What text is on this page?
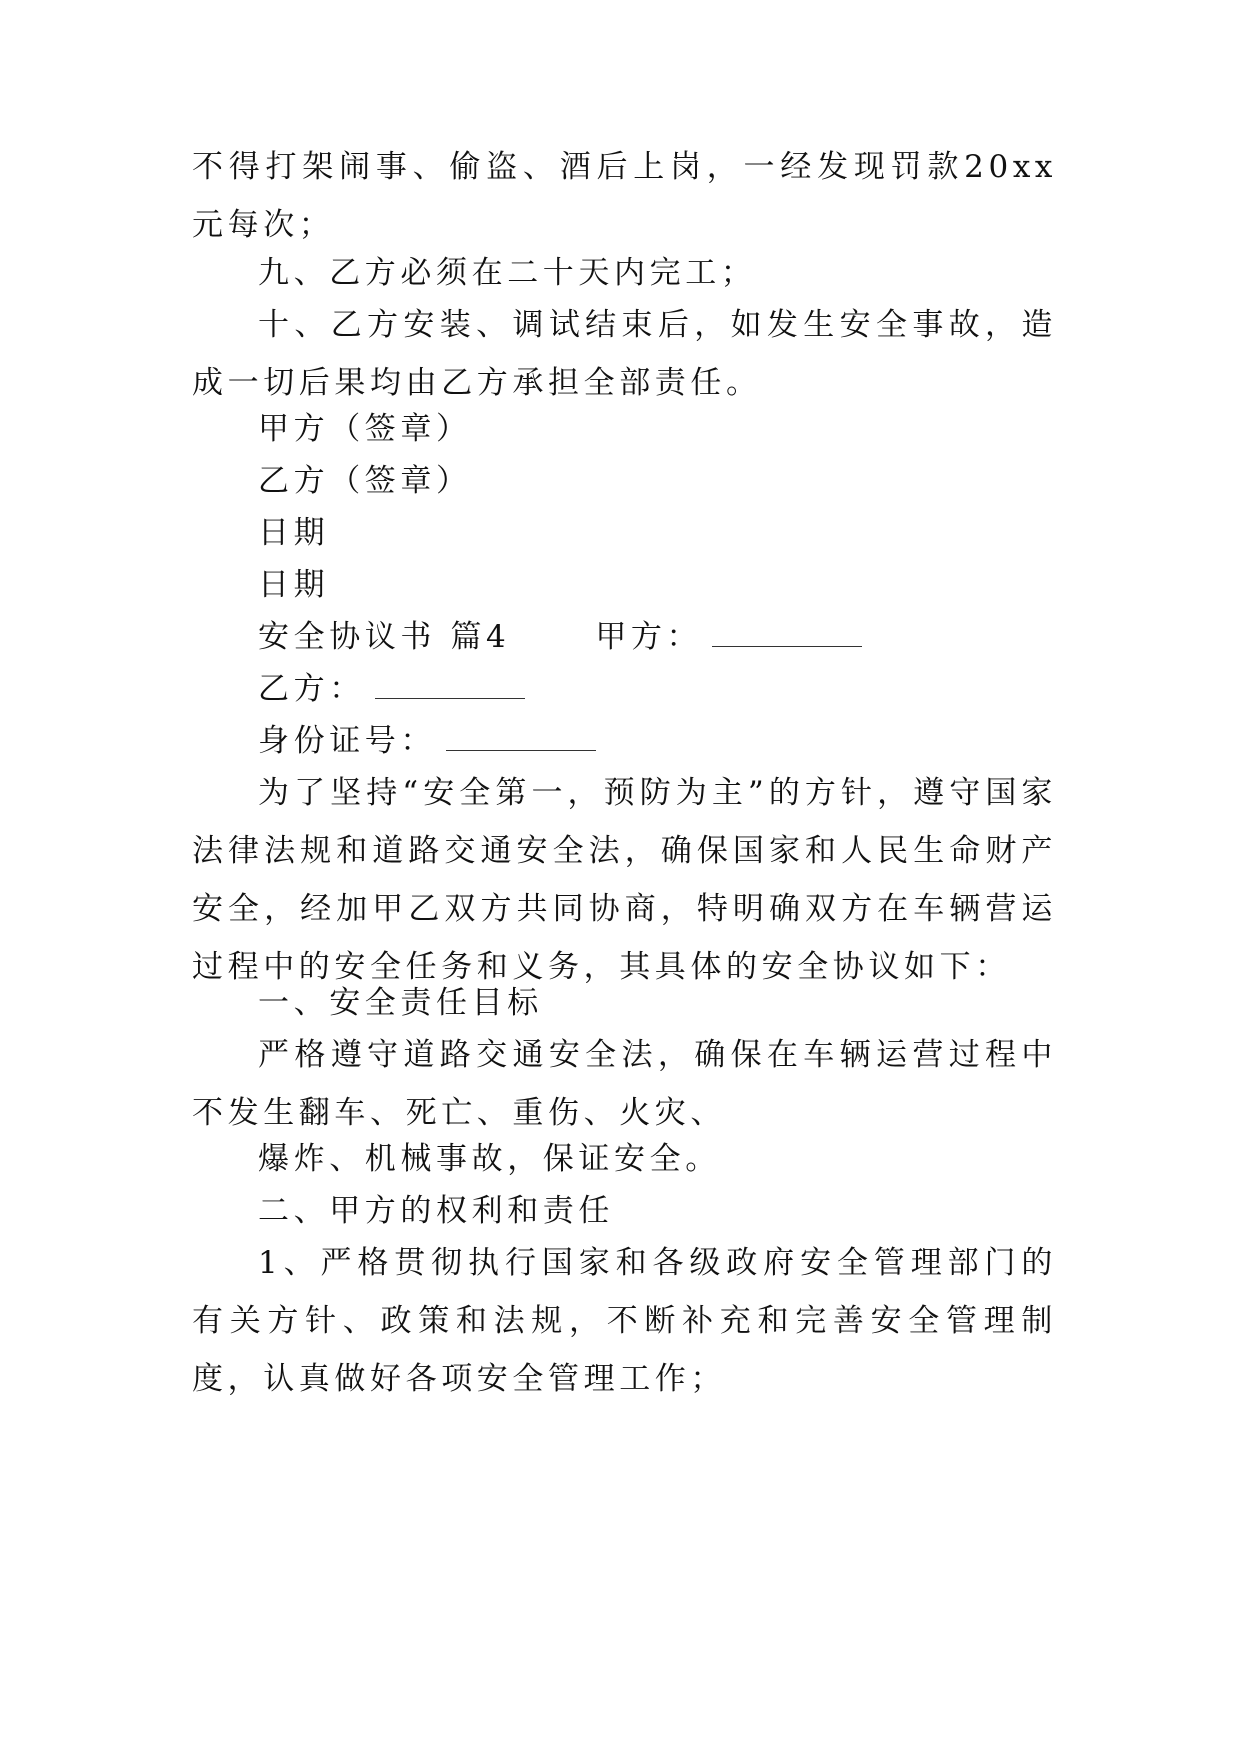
不得打架闹事、偷盗、酒后上岗，一经发现罚款20xx元每次；

九、乙方必须在二十天内完工；

十、乙方安装、调试结束后，如发生安全事故，造成一切后果均由乙方承担全部责任。

甲方（签章）

乙方（签章）

日期

日期

安全协议书 篇4	甲方：
乙方：
身份证号：

为了坚持“安全第一，预防为主”的方针，遵守国家法律法规和道路交通安全法，确保国家和人民生命财产安全，经加甲乙双方共同协商，特明确双方在车辆营运过程中的安全任务和义务，其具体的安全协议如下：

一、安全责任目标

严格遵守道路交通安全法，确保在车辆运营过程中不发生翻车、死亡、重伤、火灾、

爆炸、机械事故，保证安全。

二、甲方的权利和责任

1、严格贯彻执行国家和各级政府安全管理部门的有关方针、政策和法规，不断补充和完善安全管理制度，认真做好各项安全管理工作；
